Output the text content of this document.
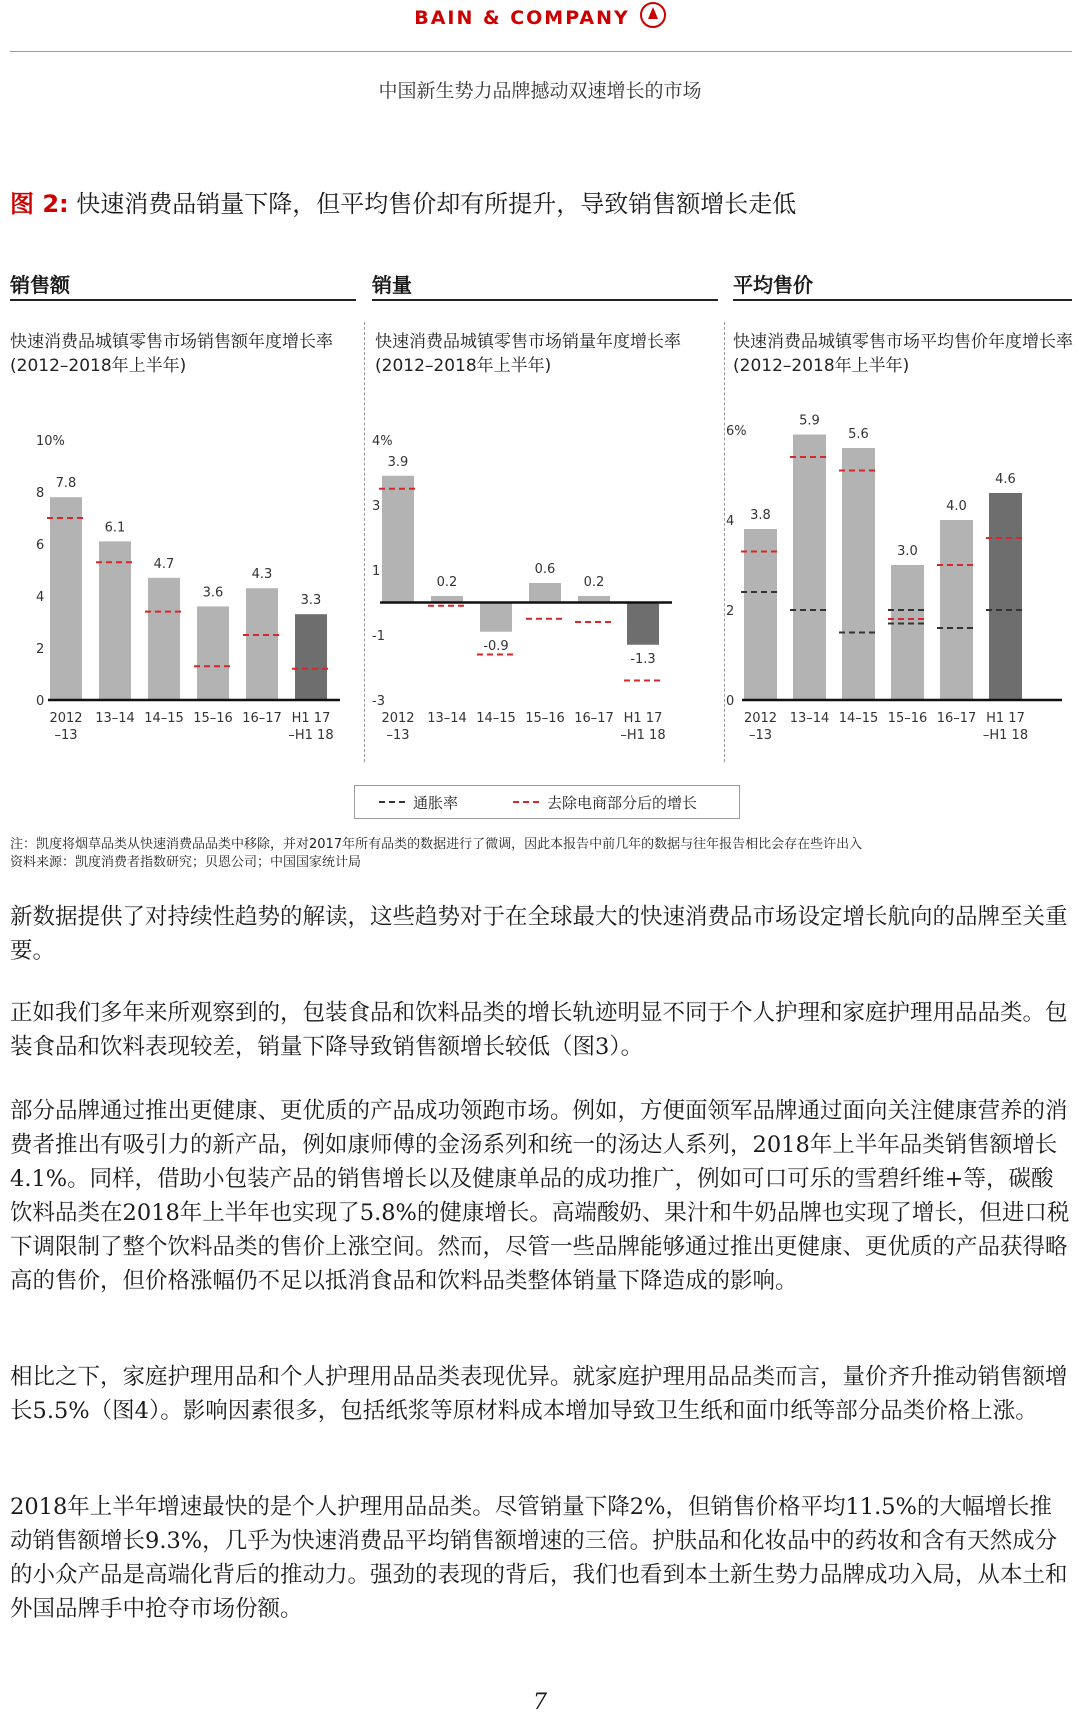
BAIN & COMPANY
中国新生势力品牌撼动双速增长的市场
图 2: 快速消费品销量下降，但平均售价却有所提升，导致销售额增长走低
销售额	销量	平均售价
快速消费品城镇零售市场销售额年度增长率 (2012–2018年上半年)
快速消费品城镇零售市场销量年度增长率 (2012–2018年上半年)
快速消费品城镇零售市场平均售价年度增长率 (2012–2018年上半年)
0
2
4
6
8
10%
7.8
2012
–13
6.1
13–14
4.7
14–15
3.6
15–16
4.3
16–17
3.3
H1 17
–H1 18
-3
-1
1
3
4%
3.9
2012
–13
0.2
13–14
-0.9
14–15
0.6
15–16
0.2
16–17
-1.3
H1 17
–H1 18
0
2
4
6%
3.8
2012
–13
5.9
13–14
5.6
14–15
3.0
15–16
4.0
16–17
4.6
H1 17
–H1 18
通胀率	去除电商部分后的增长
注：凯度将烟草品类从快速消费品品类中移除，并对2017年所有品类的数据进行了微调，因此本报告中前几年的数据与往年报告相比会存在些许出入
资料来源：凯度消费者指数研究；贝恩公司；中国国家统计局
新数据提供了对持续性趋势的解读，这些趋势对于在全球最大的快速消费品市场设定增长航向的品牌至关重要。
正如我们多年来所观察到的，包装食品和饮料品类的增长轨迹明显不同于个人护理和家庭护理用品品类。包装食品和饮料表现较差，销量下降导致销售额增长较低（图3）。
部分品牌通过推出更健康、更优质的产品成功领跑市场。例如，方便面领军品牌通过面向关注健康营养的消费者推出有吸引力的新产品，例如康师傅的金汤系列和统一的汤达人系列，2018年上半年品类销售额增长4.1%。同样，借助小包装产品的销售增长以及健康单品的成功推广，例如可口可乐的雪碧纤维+等，碳酸饮料品类在2018年上半年也实现了5.8%的健康增长。高端酸奶、果汁和牛奶品牌也实现了增长，但进口税下调限制了整个饮料品类的售价上涨空间。然而，尽管一些品牌能够通过推出更健康、更优质的产品获得略高的售价，但价格涨幅仍不足以抵消食品和饮料品类整体销量下降造成的影响。
相比之下，家庭护理用品和个人护理用品品类表现优异。就家庭护理用品品类而言，量价齐升推动销售额增长5.5%（图4）。影响因素很多，包括纸浆等原材料成本增加导致卫生纸和面巾纸等部分品类价格上涨。
2018年上半年增速最快的是个人护理用品品类。尽管销量下降2%，但销售价格平均11.5%的大幅增长推动销售额增长9.3%，几乎为快速消费品平均销售额增速的三倍。护肤品和化妆品中的药妆和含有天然成分的小众产品是高端化背后的推动力。强劲的表现的背后，我们也看到本土新生势力品牌成功入局，从本土和外国品牌手中抢夺市场份额。
7
